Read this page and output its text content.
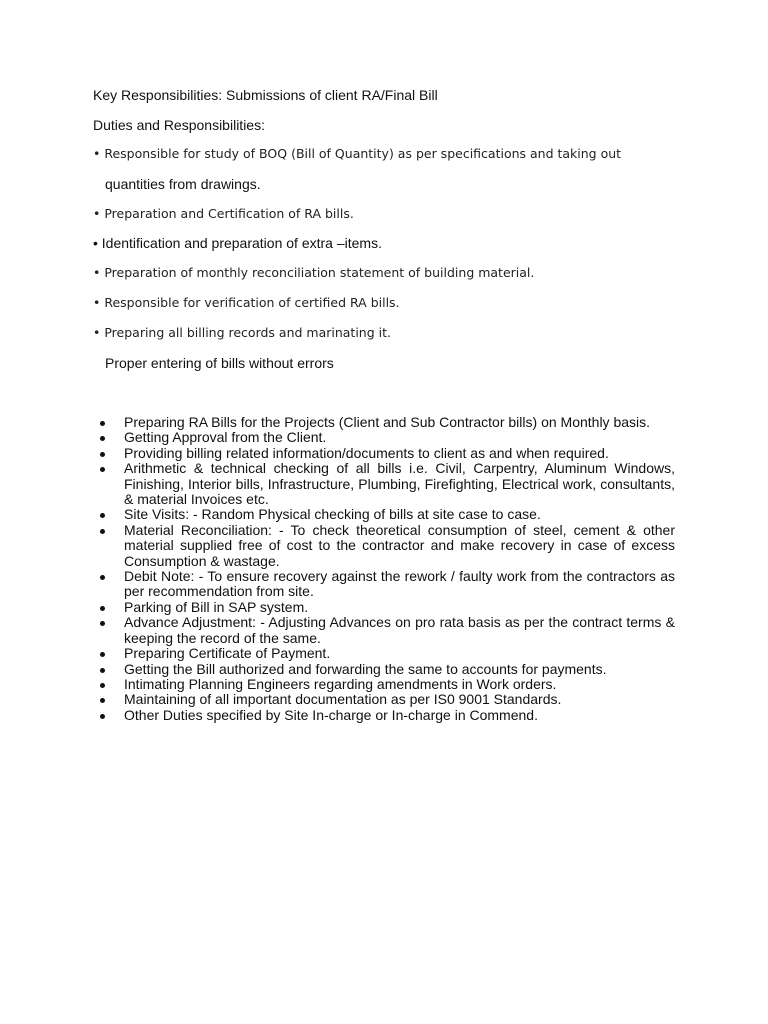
Key Responsibilities: Submissions of client RA/Final Bill
Duties and Responsibilities:
• Responsible for study of BOQ (Bill of Quantity) as per specifications and taking out
quantities from drawings.
• Preparation and Certification of RA bills.
• Identification and preparation of extra –items.
• Preparation of monthly reconciliation statement of building material.
• Responsible for verification of certified RA bills.
• Preparing all billing records and marinating it.
Proper entering of bills without errors
Preparing RA Bills for the Projects (Client and Sub Contractor bills) on Monthly basis.
Getting Approval from the Client.
Providing billing related information/documents to client as and when required.
Arithmetic & technical checking of all bills i.e. Civil, Carpentry, Aluminum Windows, Finishing, Interior bills, Infrastructure, Plumbing, Firefighting, Electrical work, consultants, & material Invoices etc.
Site Visits: - Random Physical checking of bills at site case to case.
Material Reconciliation: - To check theoretical consumption of steel, cement & other material supplied free of cost to the contractor and make recovery in case of excess Consumption & wastage.
Debit Note: - To ensure recovery against the rework / faulty work from the contractors as per recommendation from site.
Parking of Bill in SAP system.
Advance Adjustment: - Adjusting Advances on pro rata basis as per the contract terms & keeping the record of the same.
Preparing Certificate of Payment.
Getting the Bill authorized and forwarding the same to accounts for payments.
Intimating Planning Engineers regarding amendments in Work orders.
Maintaining of all important documentation as per IS0 9001 Standards.
Other Duties specified by Site In-charge or In-charge in Commend.
